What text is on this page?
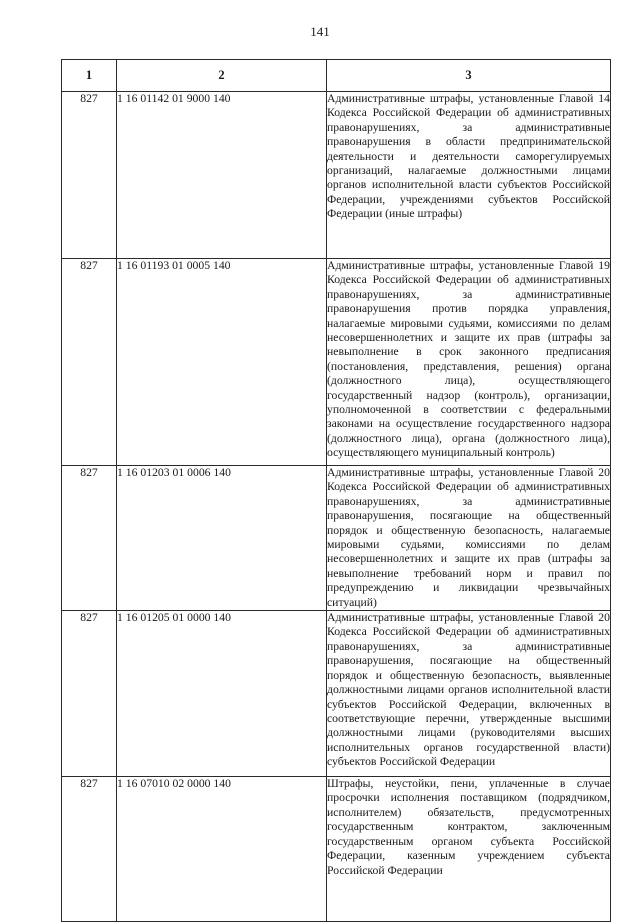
141
1	2	3
827	1 16 01142 01 9000 140	Административные штрафы, установленные Главой 14 Кодекса Российской Федерации об административных правонарушениях, за административные правонарушения в области предпринимательской деятельности и деятельности саморегулируемых организаций, налагаемые должностными лицами органов исполнительной власти субъектов Российской Федерации, учреждениями субъектов Российской Федерации (иные штрафы)

827	1 16 01193 01 0005 140	Административные штрафы, установленные Главой 19 Кодекса Российской Федерации об административных правонарушениях, за административные правонарушения против порядка управления, налагаемые мировыми судьями, комиссиями по делам несовершеннолетних и защите их прав (штрафы за невыполнение в срок законного предписания (постановления, представления, решения) органа (должностного лица), осуществляющего государственный надзор (контроль), организации, уполномоченной в соответствии с федеральными законами на осуществление государственного надзора (должностного лица), органа (должностного лица), осуществляющего муниципальный контроль)

827	1 16 01203 01 0006 140	Административные штрафы, установленные Главой 20 Кодекса Российской Федерации об административных правонарушениях, за административные правонарушения, посягающие на общественный порядок и общественную безопасность, налагаемые мировыми судьями, комиссиями по делам несовершеннолетних и защите их прав (штрафы за невыполнение требований норм и правил по предупреждению и ликвидации чрезвычайных ситуаций)

827	1 16 01205 01 0000 140	Административные штрафы, установленные Главой 20 Кодекса Российской Федерации об административных правонарушениях, за административные правонарушения, посягающие на общественный порядок и общественную безопасность, выявленные должностными лицами органов исполнительной власти субъектов Российской Федерации, включенных в соответствующие перечни, утвержденные высшими должностными лицами (руководителями высших исполнительных органов государственной власти) субъектов Российской Федерации

827	1 16 07010 02 0000 140	Штрафы, неустойки, пени, уплаченные в случае просрочки исполнения поставщиком (подрядчиком, исполнителем) обязательств, предусмотренных государственным контрактом, заключенным государственным органом субъекта Российской Федерации, казенным учреждением субъекта Российской Федерации
